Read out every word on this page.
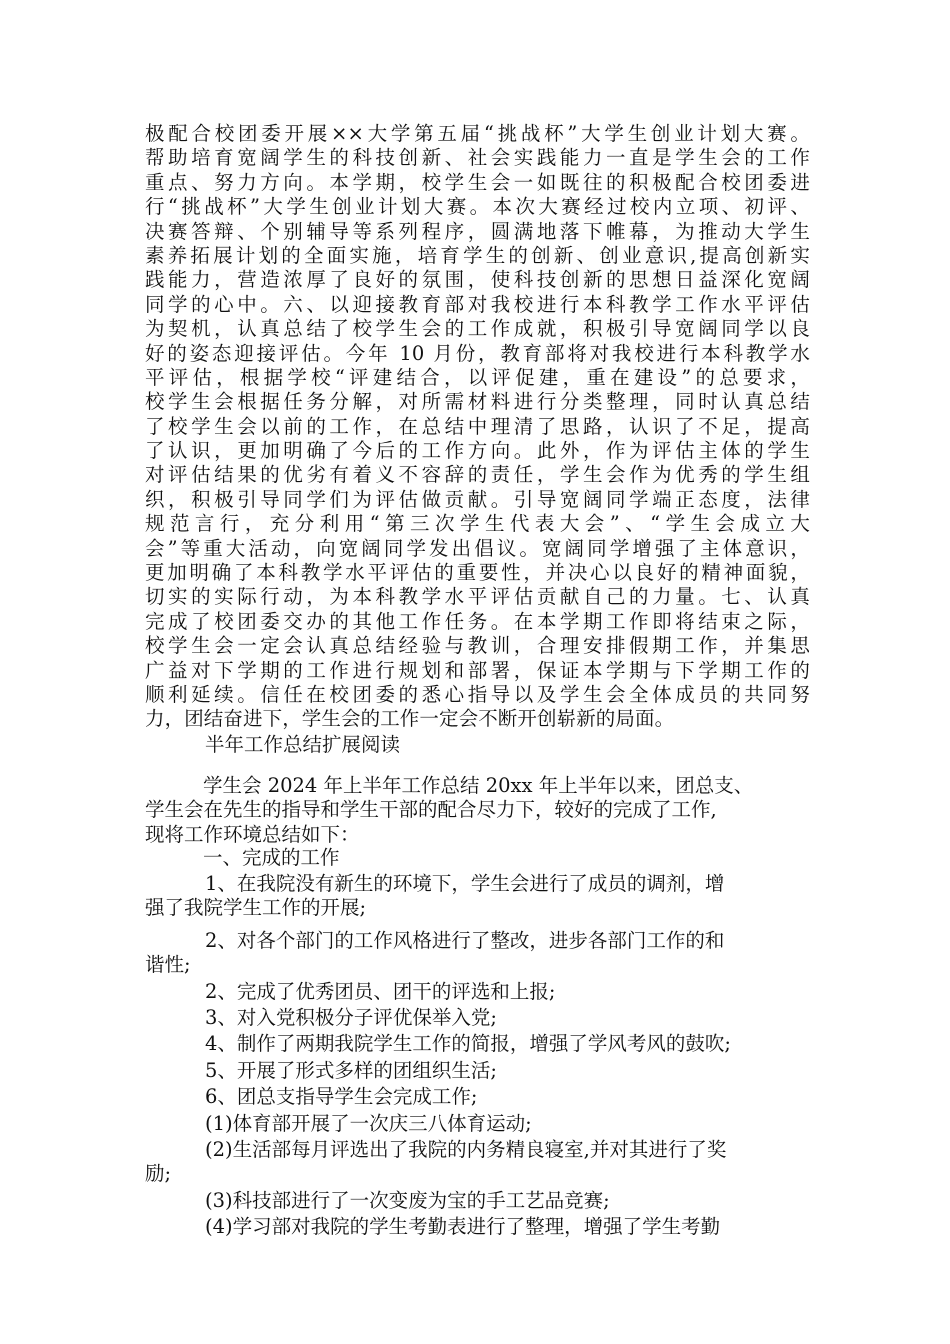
极配合校团委开展××大学第五届“挑战杯”大学生创业计划大赛。
帮助培育宽阔学生的科技创新、社会实践能力一直是学生会的工作
重点、努力方向。本学期，校学生会一如既往的积极配合校团委进
行“挑战杯”大学生创业计划大赛。本次大赛经过校内立项、初评、
决赛答辩、个别辅导等系列程序，圆满地落下帷幕，为推动大学生
素养拓展计划的全面实施，培育学生的创新、创业意识,提高创新实
践能力，营造浓厚了良好的氛围，使科技创新的思想日益深化宽阔
同学的心中。六、以迎接教育部对我校进行本科教学工作水平评估
为契机，认真总结了校学生会的工作成就，积极引导宽阔同学以良
好的姿态迎接评估。今年 10 月份，教育部将对我校进行本科教学水
平评估，根据学校“评建结合，以评促建，重在建设”的总要求，
校学生会根据任务分解，对所需材料进行分类整理，同时认真总结
了校学生会以前的工作，在总结中理清了思路，认识了不足，提高
了认识，更加明确了今后的工作方向。此外，作为评估主体的学生
对评估结果的优劣有着义不容辞的责任，学生会作为优秀的学生组
织，积极引导同学们为评估做贡献。引导宽阔同学端正态度，法律
规范言行，充分利用“第三次学生代表大会”、“学生会成立大
会”等重大活动，向宽阔同学发出倡议。宽阔同学增强了主体意识，
更加明确了本科教学水平评估的重要性，并决心以良好的精神面貌，
切实的实际行动，为本科教学水平评估贡献自己的力量。七、认真
完成了校团委交办的其他工作任务。在本学期工作即将结束之际，
校学生会一定会认真总结经验与教训，合理安排假期工作，并集思
广益对下学期的工作进行规划和部署，保证本学期与下学期工作的
顺利延续。信任在校团委的悉心指导以及学生会全体成员的共同努
力，团结奋进下，学生会的工作一定会不断开创崭新的局面。
半年工作总结扩展阅读
学生会 2024 年上半年工作总结 20xx 年上半年以来，团总支、
学生会在先生的指导和学生干部的配合尽力下，较好的完成了工作,
现将工作环境总结如下：
一、完成的工作
1、在我院没有新生的环境下，学生会进行了成员的调剂，增
强了我院学生工作的开展;
2、对各个部门的工作风格进行了整改，进步各部门工作的和
谐性;
2、完成了优秀团员、团干的评选和上报;
3、对入党积极分子评优保举入党;
4、制作了两期我院学生工作的简报，增强了学风考风的鼓吹;
5、开展了形式多样的团组织生活;
6、团总支指导学生会完成工作;
(1)体育部开展了一次庆三八体育运动;
(2)生活部每月评选出了我院的内务精良寝室,并对其进行了奖
励;
(3)科技部进行了一次变废为宝的手工艺品竞赛;
(4)学习部对我院的学生考勤表进行了整理，增强了学生考勤
